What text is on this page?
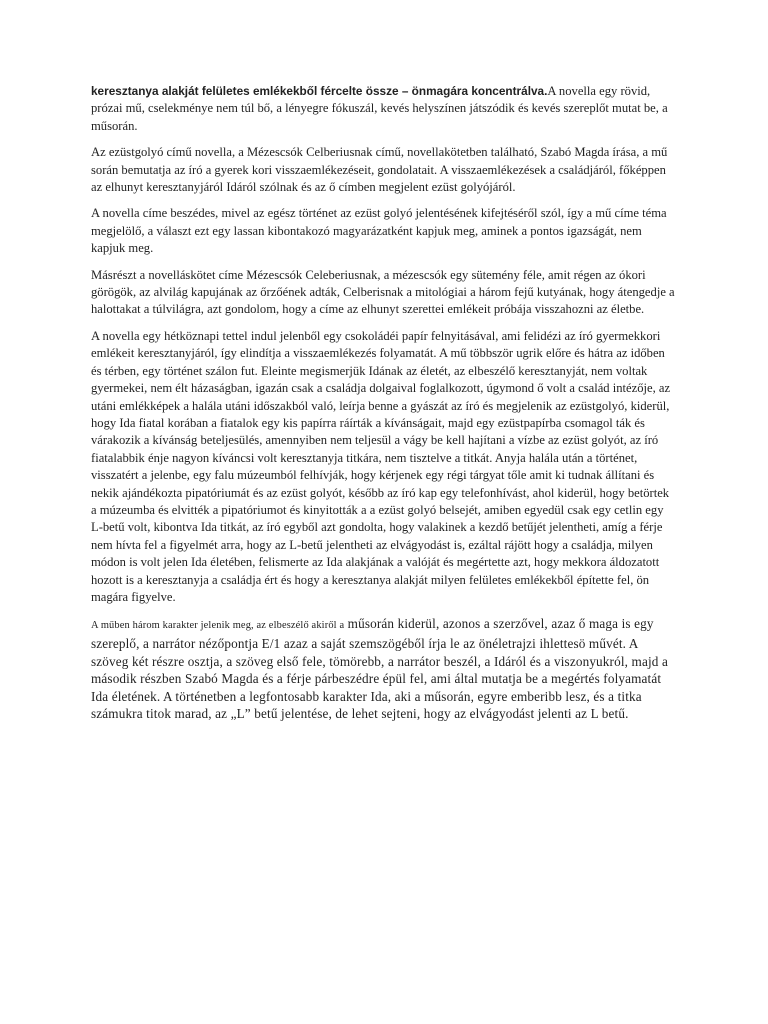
keresztanya alakját felületes emlékekből fércelte össze – önmagára koncentrálva.A novella egy rövid, prózai mű, cselekménye nem túl bő, a lényegre fókuszál, kevés helyszínen játszódik és kevés szereplőt mutat be, a műsorán.

Az ezüstgolyó című novella, a Mézescsók Celberiusnak című, novellakötetben található, Szabó Magda írása, a mű során bemutatja az író a gyerek kori visszaemlékezéseit, gondolatait. A visszaemlékezések a családjáról, főképpen az elhunyt keresztanyjáról Idáról szólnak és az ő címben megjelent ezüst golyójáról.

A novella címe beszédes, mivel az egész történet az ezüst golyó jelentésének kifejtéséről szól, így a mű címe téma megjelölő, a választ ezt egy lassan kibontakozó magyarázatként kapjuk meg, aminek a pontos igazságát, nem kapjuk meg.

Másrészt a novelláskötet címe Mézescsók Celeberiusnak, a mézescsók egy sütemény féle, amit régen az ókori görögök, az alvilág kapujának az őrzőének adták, Celberisnak a mitológiai a három fejű kutyának, hogy átengedje a halottakat a túlvilágra, azt gondolom, hogy a címe az elhunyt szerettei emlékeit próbája visszahozni az életbe.

A novella egy hétköznapi tettel indul jelenből egy csokoládéi papír felnyitásával, ami felidézi az író gyermekkori emlékeit keresztanyjáról, így elindítja a visszaemlékezés folyamatát. A mű többször ugrik előre és hátra az időben és térben, egy történet szálon fut. Eleinte megismerjük Idának az életét, az elbeszélő keresztanyját, nem voltak gyermekei, nem élt házaságban, igazán csak a családja dolgaival foglalkozott, úgymond ő volt a család intézője, az utáni emlékképek a halála utáni időszakból való, leírja benne a gyászát az író és megjelenik az ezüstgolyó, kiderül, hogy Ida fiatal korában a fiatalok egy kis papírra ráírták a kívánságait, majd egy ezüstpapírba csomagol ták és várakozik a kívánság beteljesülés, amennyiben nem teljesül a vágy be kell hajítani a vízbe az ezüst golyót, az író fiatalabbik énje nagyon kíváncsi volt keresztanyja titkára, nem tisztelve a titkát. Anyja halála után a történet, visszatért a jelenbe, egy falu múzeumból felhívják, hogy kérjenek egy régi tárgyat tőle amit ki tudnak állítani és nekik ajándékozta pipatóriumát és az ezüst golyót, később az író kap egy telefonhívást, ahol kiderül, hogy betörtek a múzeumba és elvitték a pipatóriumot és kinyitották a a ezüst golyó belsejét, amiben egyedül csak egy cetlin egy L-betű volt, kibontva Ida titkát, az író egyből azt gondolta, hogy valakinek a kezdő betűjét jelentheti, amíg a férje nem hívta fel a figyelmét arra, hogy az L-betű jelentheti az elvágyodást is, ezáltal rájött hogy a családja, milyen módon is volt jelen Ida életében, felismerte az Ida alakjának a valóját és megértette azt, hogy mekkora áldozatott hozott is a keresztanyja a családja ért és hogy a keresztanya alakját milyen felületes emlékekből építette fel, ön magára figyelve.

A műben három karakter jelenik meg, az elbeszélő akiről a műsorán kiderül, azonos a szerzővel, azaz ő maga is egy szereplő, a narrátor nézőpontja E/1 azaz a saját szemszögéből írja le az önéletrajzi ihlettesö művét. A szöveg két részre osztja, a szöveg első fele, tömörebb, a narrátor beszél, a Idáról és a viszonyukról, majd a második részben Szabó Magda és a férje párbeszédre épül fel, ami által mutatja be a megértés folyamatát Ida életének. A történetben a legfontosabb karakter Ida, aki a műsorán, egyre emberibb lesz, és a titka számukra titok marad, az „L” betű jelentése, de lehet sejteni, hogy az elvágyodást jelenti az L betű.
